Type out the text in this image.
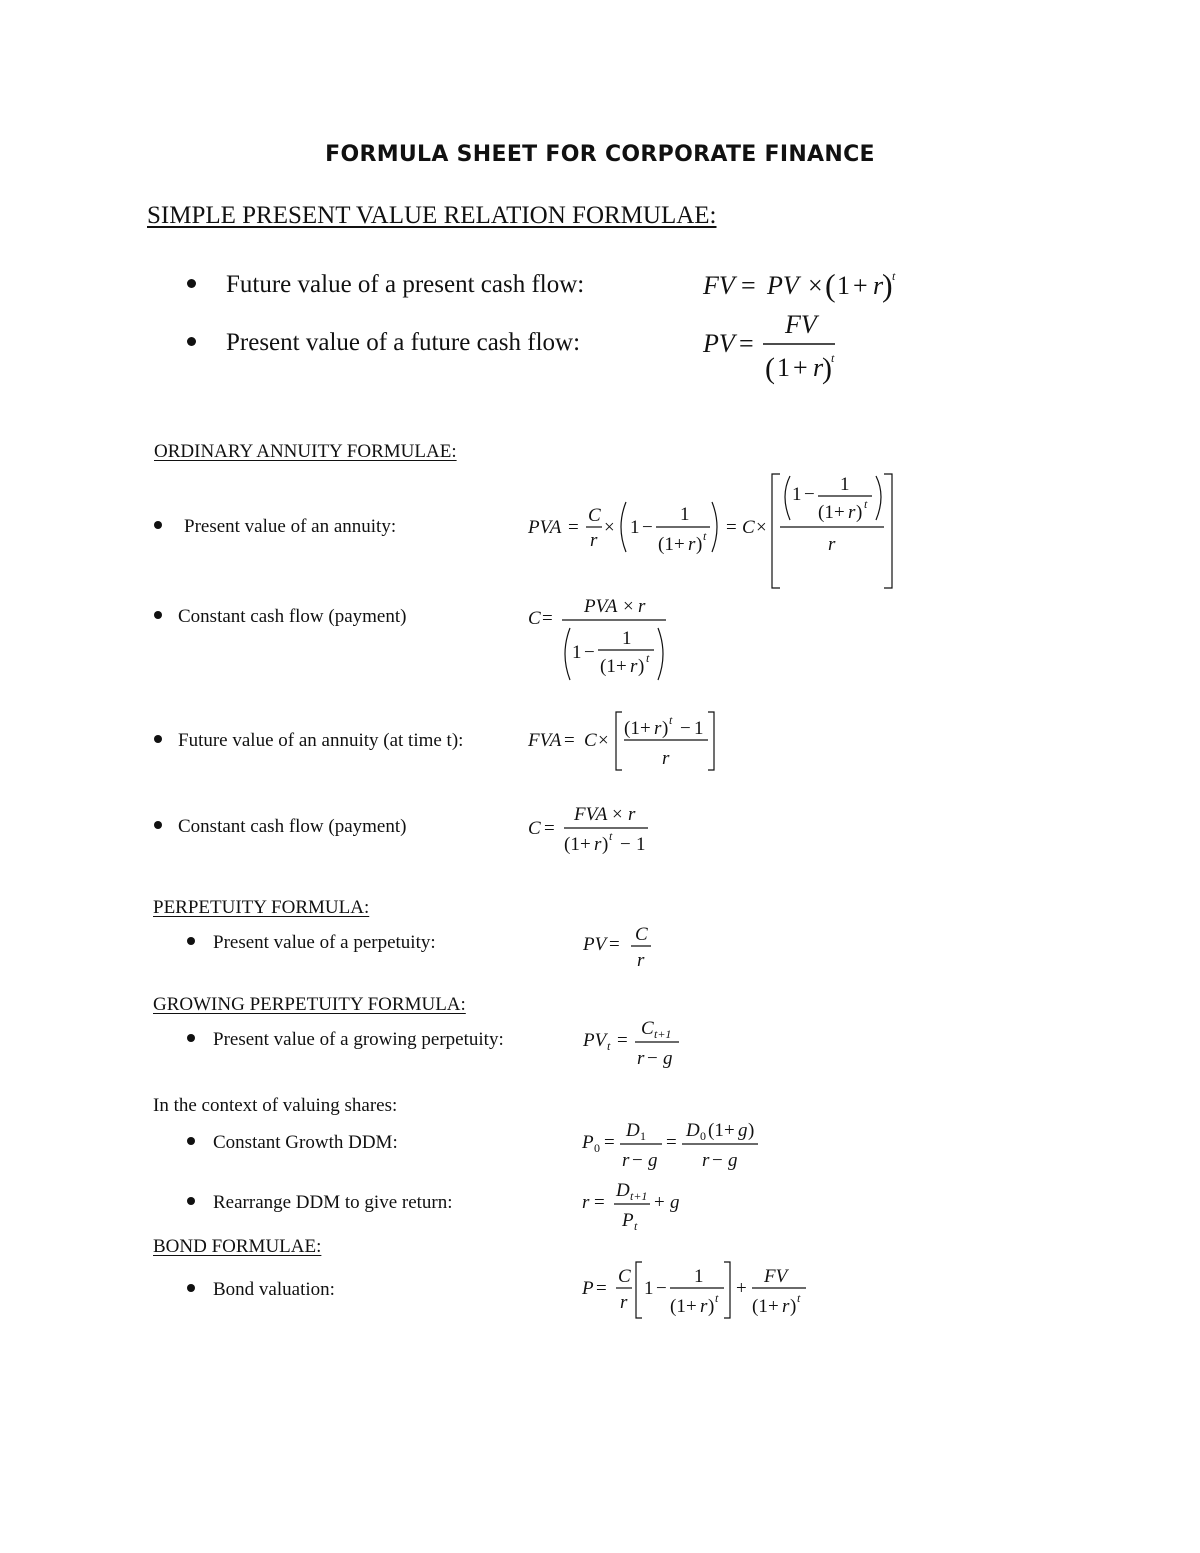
FORMULA SHEET FOR CORPORATE FINANCE
SIMPLE PRESENT VALUE RELATION FORMULAE:
Future value of a present cash flow:	FV = PV × ( 1 + r
) t
Present value of a future cash flow:	PV =
FV
( 1 + r
) t
ORDINARY ANNUITY FORMULAE:
Present value of an annuity:	PVA =
C
r
× 1 −
1
(1 + r ) t = C ×
1 − 1
(1 + r ) t
r
Constant cash flow (payment)	C =
PVA × r
1 −
1
(1 + r ) t
Future value of an annuity (at time t):	FVA = C ×
(1 + r ) t − 1
r
Constant cash flow (payment)	C =
FVA × r
(1 + r ) t − 1
PERPETUITY FORMULA:
Present value of a perpetuity:	PV = C
r
GROWING PERPETUITY FORMULA:
Present value of a growing perpetuity:	PV t =
C t+1
r − g
In the context of valuing shares:
Constant Growth DDM:	P 0 =
D 1
r − g
=
D 0 (1 + g )
r − g
Rearrange DDM to give return:	r =
D t+1
P t
+ g
BOND FORMULAE:
Bond valuation:	P =
C
r
1 −
1
(1 + r ) t +
FV
(1 + r ) t
